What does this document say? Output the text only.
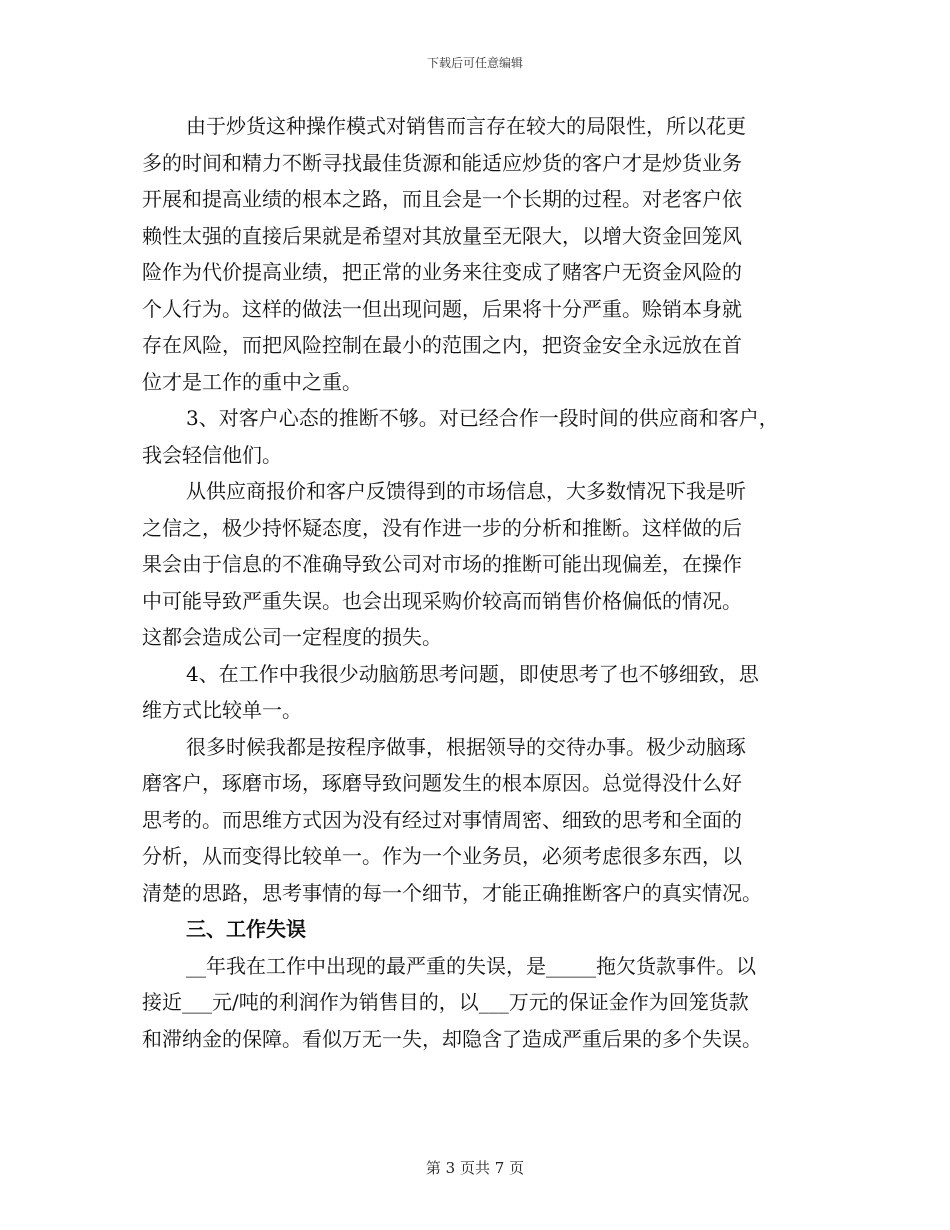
下载后可任意编辑
由于炒货这种操作模式对销售而言存在较大的局限性，所以花更
多的时间和精力不断寻找最佳货源和能适应炒货的客户才是炒货业务
开展和提高业绩的根本之路，而且会是一个长期的过程。对老客户依
赖性太强的直接后果就是希望对其放量至无限大，以增大资金回笼风
险作为代价提高业绩，把正常的业务来往变成了赌客户无资金风险的
个人行为。这样的做法一但出现问题，后果将十分严重。赊销本身就
存在风险，而把风险控制在最小的范围之内，把资金安全永远放在首
位才是工作的重中之重。
3、对客户心态的推断不够。对已经合作一段时间的供应商和客户，
我会轻信他们。
从供应商报价和客户反馈得到的市场信息，大多数情况下我是听
之信之，极少持怀疑态度，没有作进一步的分析和推断。这样做的后
果会由于信息的不准确导致公司对市场的推断可能出现偏差，在操作
中可能导致严重失误。也会出现采购价较高而销售价格偏低的情况。
这都会造成公司一定程度的损失。
4、在工作中我很少动脑筋思考问题，即使思考了也不够细致，思
维方式比较单一。
很多时候我都是按程序做事，根据领导的交待办事。极少动脑琢
磨客户，琢磨市场，琢磨导致问题发生的根本原因。总觉得没什么好
思考的。而思维方式因为没有经过对事情周密、细致的思考和全面的
分析，从而变得比较单一。作为一个业务员，必须考虑很多东西，以
清楚的思路，思考事情的每一个细节，才能正确推断客户的真实情况。
三、工作失误
__年我在工作中出现的最严重的失误，是_____拖欠货款事件。以
接近___元/吨的利润作为销售目的，以___万元的保证金作为回笼货款
和滞纳金的保障。看似万无一失，却隐含了造成严重后果的多个失误。
第 3 页共 7 页
